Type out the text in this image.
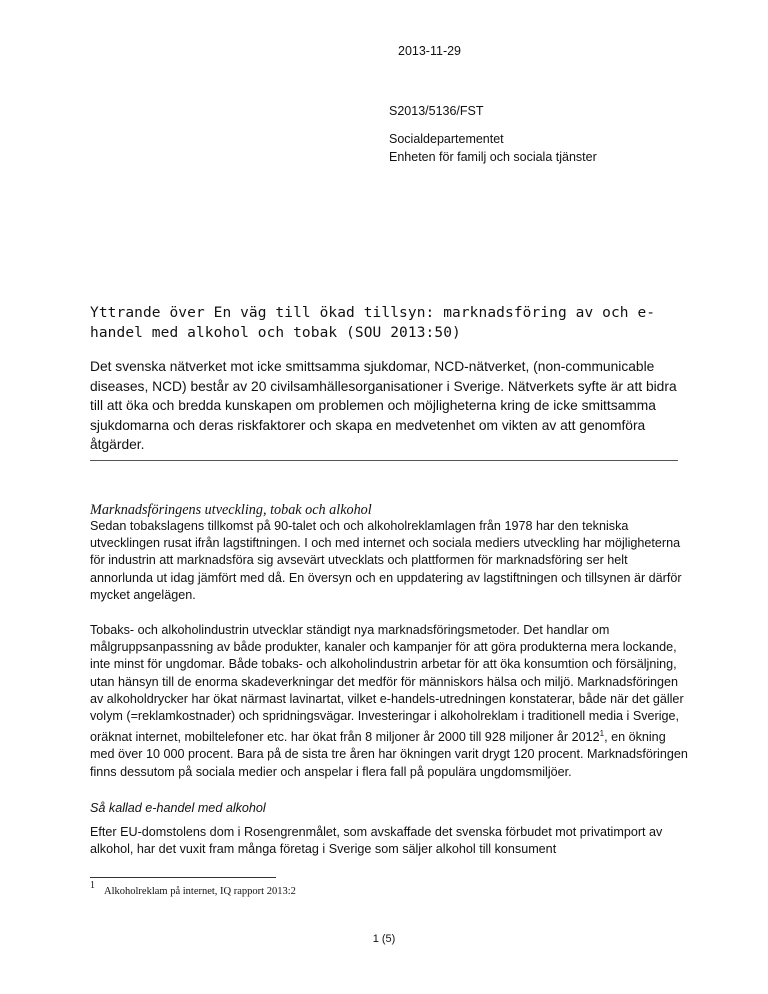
2013-11-29
S2013/5136/FST
Socialdepartementet
Enheten för familj och sociala tjänster
Yttrande över En väg till ökad tillsyn: marknadsföring av och e-handel med alkohol och tobak (SOU 2013:50)

Det svenska nätverket mot icke smittsamma sjukdomar, NCD-nätverket, (non-communicable diseases, NCD) består av 20 civilsamhällesorganisationer i Sverige. Nätverkets syfte är att bidra till att öka och bredda kunskapen om problemen och möjligheterna kring de icke smittsamma sjukdomarna och deras riskfaktorer och skapa en medvetenhet om vikten av att genomföra åtgärder.

Marknadsföringens utveckling, tobak och alkohol

Sedan tobakslagens tillkomst på 90-talet och och alkoholreklamlagen från 1978 har den tekniska utvecklingen rusat ifrån lagstiftningen. I och med internet och sociala mediers utveckling har möjligheterna för industrin att marknadsföra sig avsevärt utvecklats och plattformen för marknadsföring ser helt annorlunda ut idag jämfört med då. En översyn och en uppdatering av lagstiftningen och tillsynen är därför mycket angelägen.

Tobaks- och alkoholindustrin utvecklar ständigt nya marknadsföringsmetoder. Det handlar om målgruppsanpassning av både produkter, kanaler och kampanjer för att göra produkterna mera lockande, inte minst för ungdomar. Både tobaks- och alkoholindustrin arbetar för att öka konsumtion och försäljning, utan hänsyn till de enorma skadeverkningar det medför för människors hälsa och miljö. Marknadsföringen av alkoholdrycker har ökat närmast lavinartat, vilket e-handels-utredningen konstaterar, både när det gäller volym (=reklamkostnader) och spridningsvägar. Investeringar i alkoholreklam i traditionell media i Sverige, oräknat internet, mobiltelefoner etc. har ökat från 8 miljoner år 2000 till 928 miljoner år 2012$^1$, en ökning med över 10 000 procent. Bara på de sista tre åren har ökningen varit drygt 120 procent. Marknadsföringen finns dessutom på sociala medier och anspelar i flera fall på populära ungdomsmiljöer.

Så kallad e-handel med alkohol

Efter EU-domstolens dom i Rosengrenmålet, som avskaffade det svenska förbudet mot privatimport av alkohol, har det vuxit fram många företag i Sverige som säljer alkohol till konsument

$^1$Alkoholreklam på internet, IQ rapport 2013:2
1 (5)
